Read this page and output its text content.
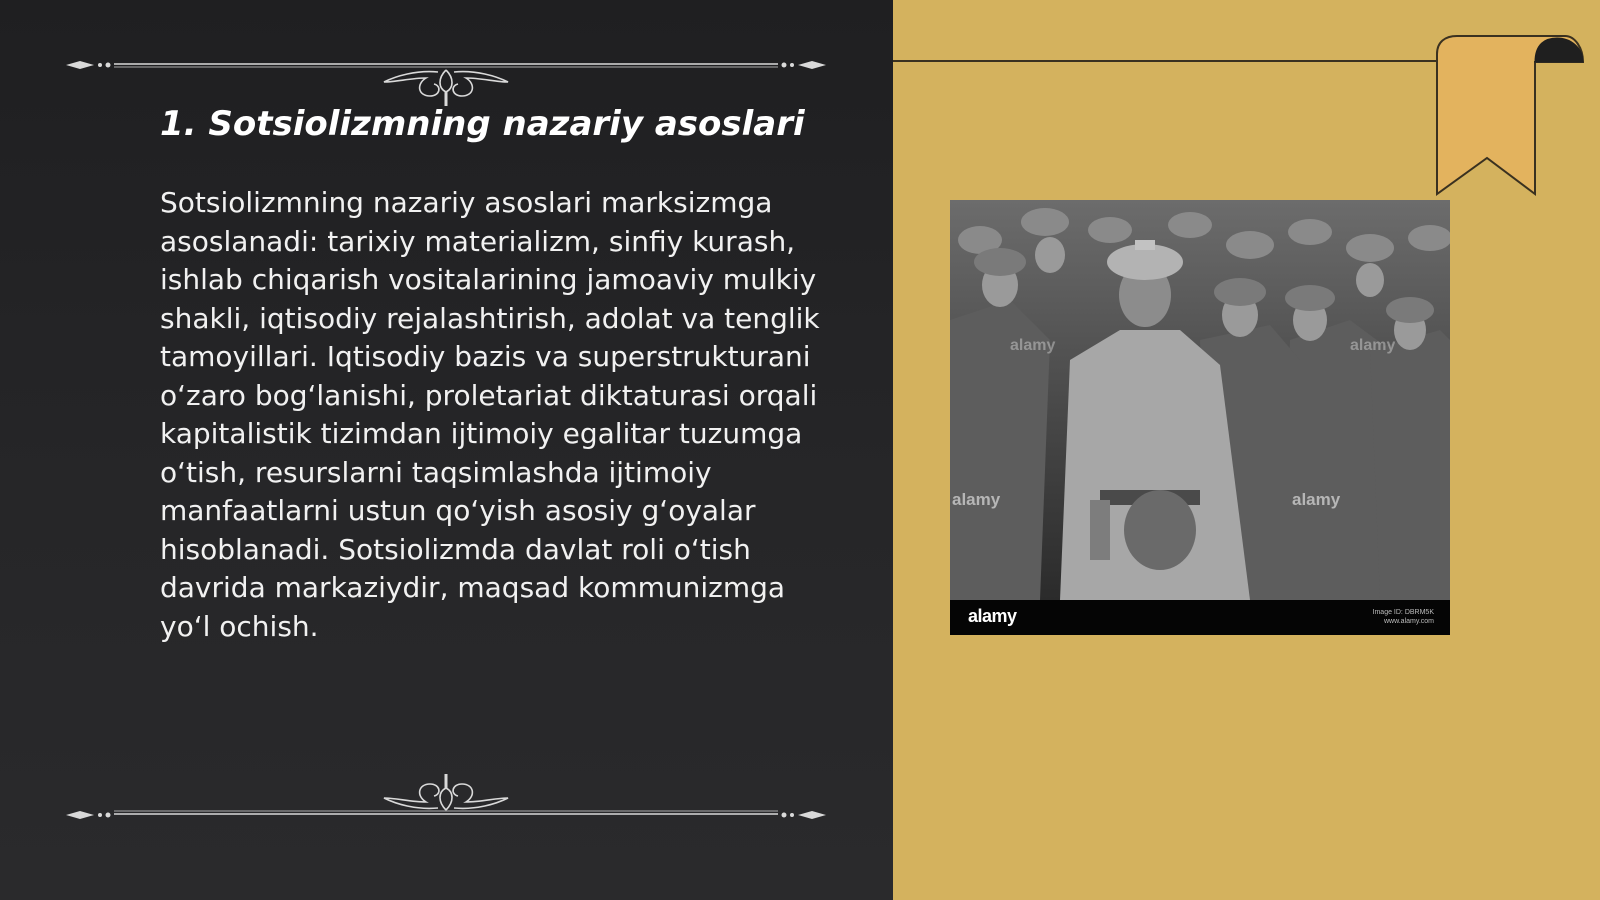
1. Sotsiolizmning nazariy asoslari

Sotsiolizmning nazariy asoslari marksizmga asoslanadi: tarixiy materializm, sinfiy kurash, ishlab chiqarish vositalarining jamoaviy mulkiy shakli, iqtisodiy rejalashtirish, adolat va tenglik tamoyillari. Iqtisodiy bazis va superstrukturani o‘zaro bog‘lanishi, proletariat diktaturasi orqali kapitalistik tizimdan ijtimoiy egalitar tuzumga o‘tish, resurslarni taqsimlashda ijtimoiy manfaatlarni ustun qo‘yish asosiy g‘oyalar hisoblanadi. Sotsiolizmda davlat roli o‘tish davrida markaziydir, maqsad kommunizmga yo‘l ochish.

alamy	alamy
alamy	alamy
alamy	Image ID: DBRM5K
www.alamy.com
